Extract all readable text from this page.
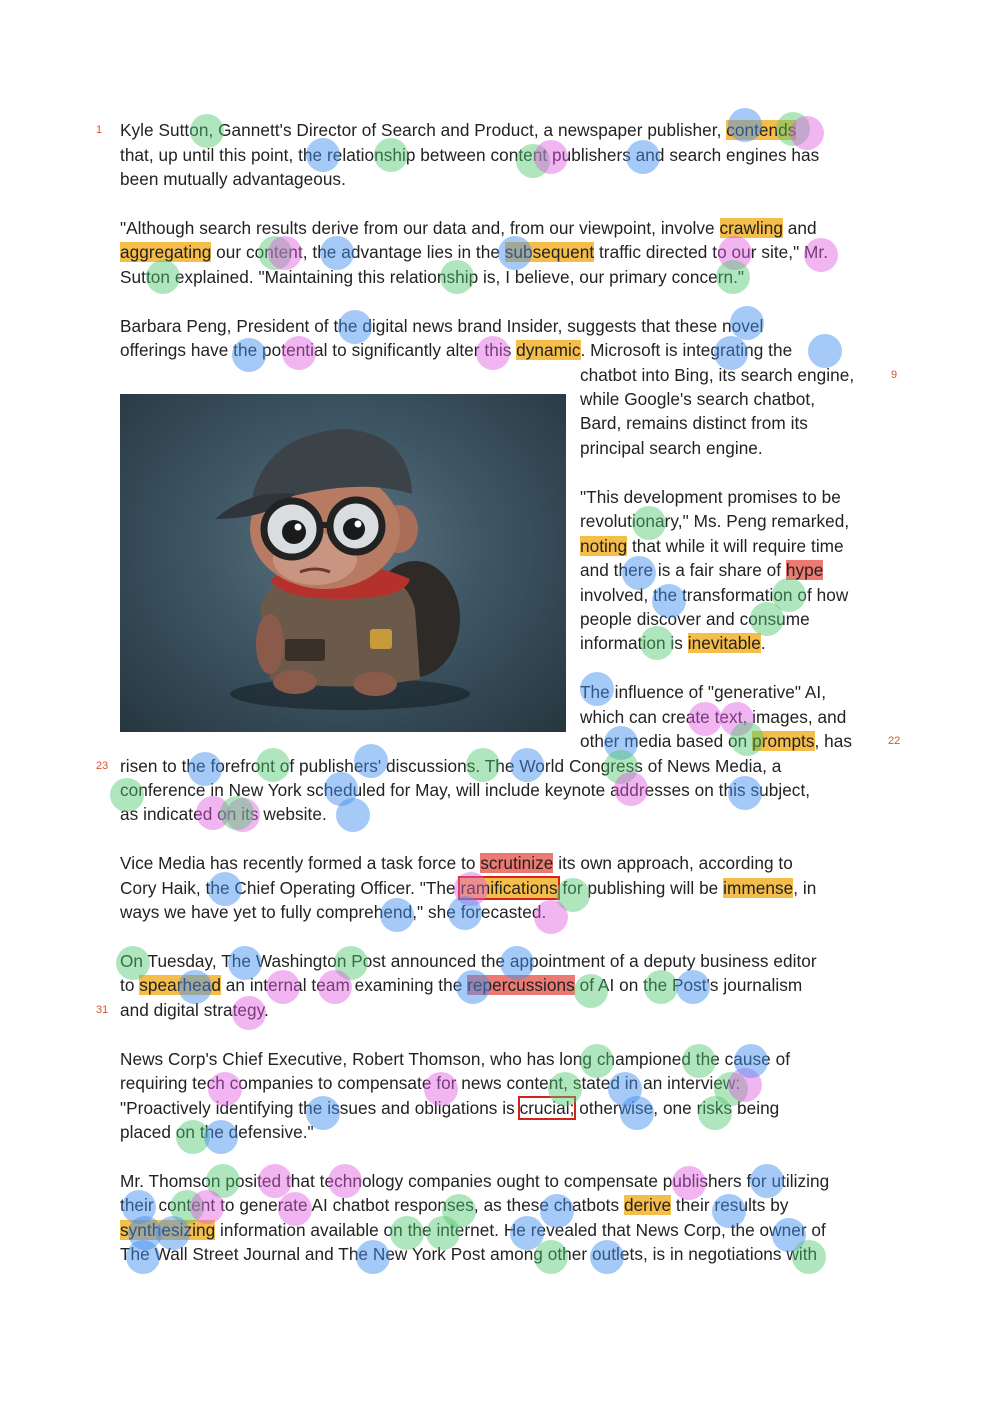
Kyle Sutton, Gannett's Director of Search and Product, a newspaper publisher, contends
that, up until this point, the relationship between content publishers and search engines has
been mutually advantageous.
"Although search results derive from our data and, from our viewpoint, involve crawling and
aggregating our content, the advantage lies in the subsequent traffic directed to our site," Mr.
Sutton explained. "Maintaining this relationship is, I believe, our primary concern."
Barbara Peng, President of the digital news brand Insider, suggests that these novel
offerings have the potential to significantly alter this dynamic. Microsoft is integrating the
chatbot into Bing, its search engine,
while Google's search chatbot,
Bard, remains distinct from its
principal search engine.
"This development promises to be
revolutionary," Ms. Peng remarked,
noting that while it will require time
and there is a fair share of hype
involved, the transformation of how
people discover and consume
information is inevitable.
The influence of "generative" AI,
which can create text, images, and
other media based on prompts, has
risen to the forefront of publishers' discussions. The World Congress of News Media, a
conference in New York scheduled for May, will include keynote addresses on this subject,
as indicated on its website.
Vice Media has recently formed a task force to scrutinize its own approach, according to
Cory Haik, the Chief Operating Officer. "The ramifications for publishing will be immense, in
ways we have yet to fully comprehend," she forecasted.
On Tuesday, The Washington Post announced the appointment of a deputy business editor
to spearhead an internal team examining the repercussions of AI on the Post's journalism
and digital strategy.
News Corp's Chief Executive, Robert Thomson, who has long championed the cause of
requiring tech companies to compensate for news content, stated in an interview:
"Proactively identifying the issues and obligations is crucial; otherwise, one risks being
placed on the defensive."
Mr. Thomson posited that technology companies ought to compensate publishers for utilizing
their content to generate AI chatbot responses, as these chatbots derive their results by
synthesizing information available on the internet. He revealed that News Corp, the owner of
The Wall Street Journal and The New York Post among other outlets, is in negotiations with
1
9
22
23
31
